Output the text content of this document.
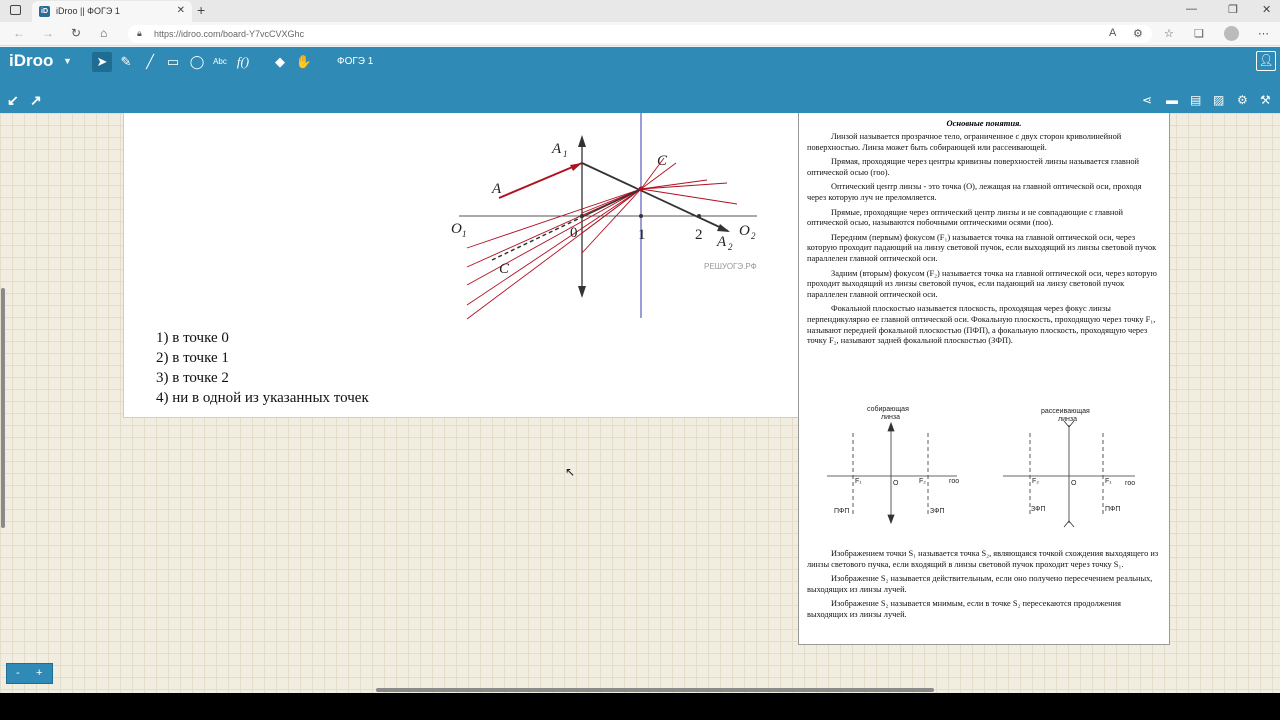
iD iDroo || ФОГЭ 1	✕ +	—	❐ ✕
← → ↻ ⌂	🔒︎ https://idroo.com/board-Y7vcCVXGhc	A ⚙ ☆ ❏	⋯
iDroo ▼	➤	✎	╱ ▭ ◯	Abc f()	◆ ✋ ФОГЭ 1	👤︎
↙ ↗	⋖ ▬ ▤ ▨ ⚙ ⚒
A 1
A
C
O 1	0	1	2 A 2
O 2
C	РЕШУОГЭ.РФ
1) в точке 0
2) в точке 1
3) в точке 2
4) ни в одной из указанных точек
Основные понятия.
Линзой называется прозрачное тело, ограниченное с двух сторон криволинейной поверхностью. Линза может быть собирающей или рассеивающей.
Прямая, проходящие через центры кривизны поверхностей линзы называется главной оптической осью (гоо).
Оптический центр линзы - это точка (О), лежащая на главной оптической оси, проходя через которую луч не преломляется.
Прямые, проходящие через оптический центр линзы и не совпадающие с главной оптической осью, называются побочными оптическими осями (поо).
Передним (первым) фокусом (F₁) называется точка на главной оптической оси, через которую проходит падающий на линзу световой пучок, если выходящий из линзы световой пучок параллелен главной оптической оси.
Задним (вторым) фокусом (F₂) называется точка на главной оптической оси, через которую проходит выходящий из линзы световой пучок, если падающий на линзу световой пучок параллелен главной оптической оси.
Фокальной плоскостью называется плоскость, проходящая через фокус линзы перпендикулярно ее главной оптической оси. Фокальную плоскость, проходящую через точку F₁, называют передней фокальной плоскостью (ПФП), а фокальную плоскость, проходящую через точку F₂, называют задней фокальной плоскостью (ЗФП).
собирающая
линза
F₁	O	F₂	гоо
ПФП	ЗФП
рассеивающая
линза
F₂	O	F₁ гоо
ЗФП	ПФП
Изображением точки S₁ называется точка S₂, являющаяся точкой схождения выходящего из линзы светового пучка, если входящий в линзы световой пучок проходит через точку S₁.
Изображение S₂ называется действительным, если оно получено пересечением реальных, выходящих из линзы лучей.
Изображение S₂ называется мнимым, если в точке S₂ пересекаются продолжения выходящих из линзы лучей.
↖
- +
